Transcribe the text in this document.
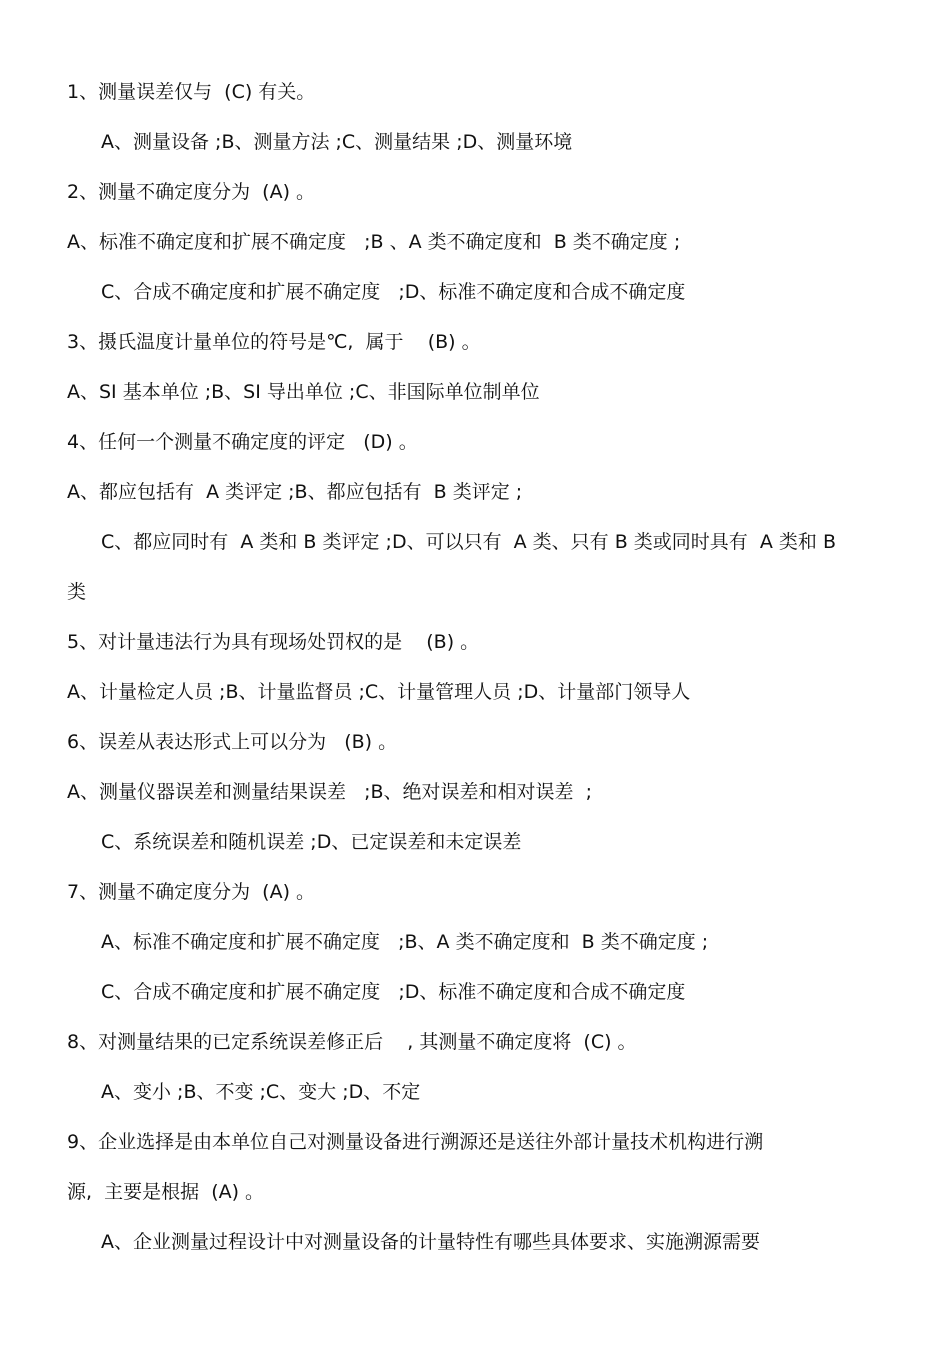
1、测量误差仅与  (C) 有关。

A、测量设备 ;B、测量方法 ;C、测量结果 ;D、测量环境

2、测量不确定度分为  (A) 。

A、标准不确定度和扩展不确定度   ;B 、A 类不确定度和  B 类不确定度 ;

C、合成不确定度和扩展不确定度   ;D、标准不确定度和合成不确定度

3、摄氏温度计量单位的符号是℃,  属于    (B) 。

A、SI 基本单位 ;B、SI 导出单位 ;C、非国际单位制单位

4、任何一个测量不确定度的评定   (D) 。

A、都应包括有  A 类评定 ;B、都应包括有  B 类评定 ;

C、都应同时有  A 类和 B 类评定 ;D、可以只有  A 类、只有 B 类或同时具有  A 类和 B

类

5、对计量违法行为具有现场处罚权的是    (B) 。

A、计量检定人员 ;B、计量监督员 ;C、计量管理人员 ;D、计量部门领导人

6、误差从表达形式上可以分为   (B) 。

A、测量仪器误差和测量结果误差   ;B、绝对误差和相对误差  ;

C、系统误差和随机误差 ;D、已定误差和未定误差

7、测量不确定度分为  (A) 。

A、标准不确定度和扩展不确定度   ;B、A 类不确定度和  B 类不确定度 ;

C、合成不确定度和扩展不确定度   ;D、标准不确定度和合成不确定度

8、对测量结果的已定系统误差修正后    , 其测量不确定度将  (C) 。

A、变小 ;B、不变 ;C、变大 ;D、不定

9、企业选择是由本单位自己对测量设备进行溯源还是送往外部计量技术机构进行溯

源,  主要是根据  (A) 。

A、企业测量过程设计中对测量设备的计量特性有哪些具体要求、实施溯源需要
